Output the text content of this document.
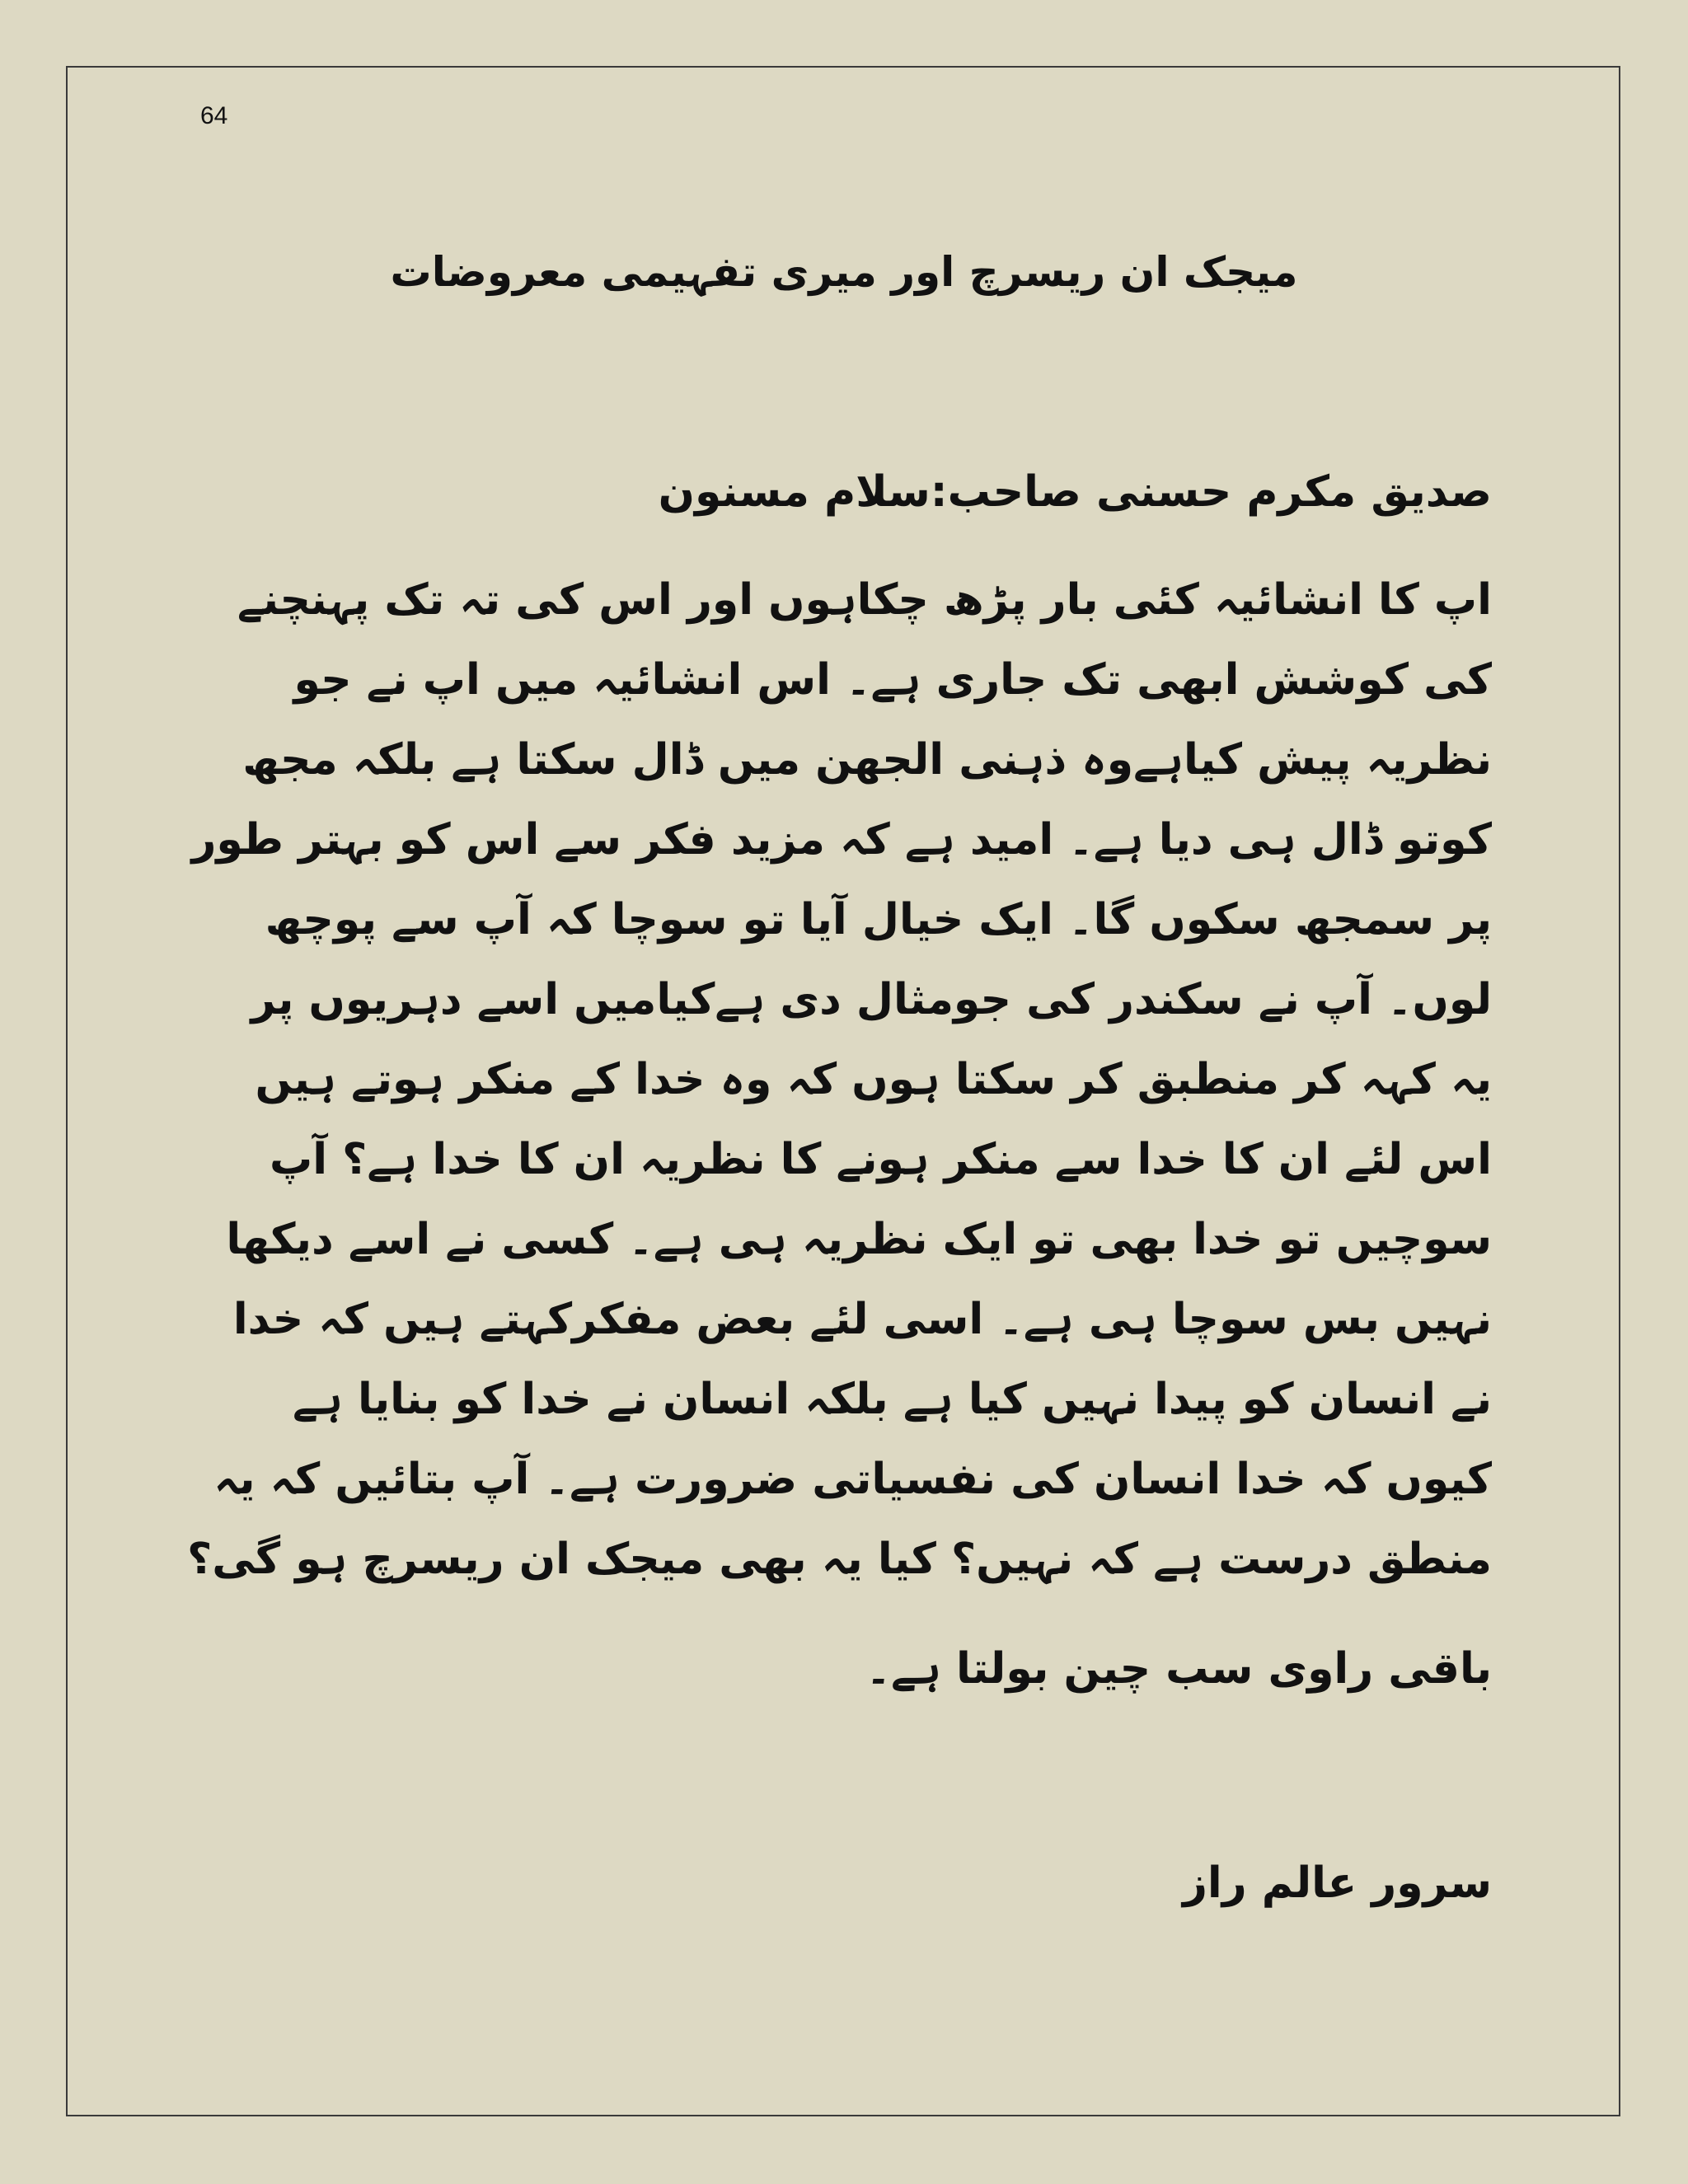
64
میجک ان ریسرچ اور میری تفہیمی معروضات
صدیق مکرم حسنی صاحب:سلام مسنون
اپ کا انشائیہ کئی بار پڑھ چکاہوں اور اس کی تہ تک پہنچنے
کی کوشش ابھی تک جاری ہے۔ اس انشائیہ میں اپ نے جو
نظریہ پیش کیاہےوہ ذہنی الجھن میں ڈال سکتا ہے بلکہ مجھ
کوتو ڈال ہی دیا ہے۔ امید ہے کہ مزید فکر سے اس کو بہتر طور
پر سمجھ سکوں گا۔ ایک خیال آیا تو سوچا کہ آپ سے پوچھ
لوں۔ آپ نے سکندر کی جومثال دی ہےکیامیں اسے دہریوں پر
یہ کہہ کر منطبق کر سکتا ہوں کہ وہ خدا کے منکر ہوتے ہیں
اس لئے ان کا خدا سے منکر ہونے کا نظریہ ان کا خدا ہے؟ آپ
سوچیں تو خدا بھی تو ایک نظریہ ہی ہے۔ کسی نے اسے دیکھا
نہیں بس سوچا ہی ہے۔ اسی لئے بعض مفکرکہتے ہیں کہ خدا
نے انسان کو پیدا نہیں کیا ہے بلکہ انسان نے خدا کو بنایا ہے
کیوں کہ خدا انسان کی نفسیاتی ضرورت ہے۔ آپ بتائیں کہ یہ
منطق درست ہے کہ نہیں؟ کیا یہ بھی میجک ان ریسرچ ہو گی؟
باقی راوی سب چین بولتا ہے۔
سرور عالم راز
